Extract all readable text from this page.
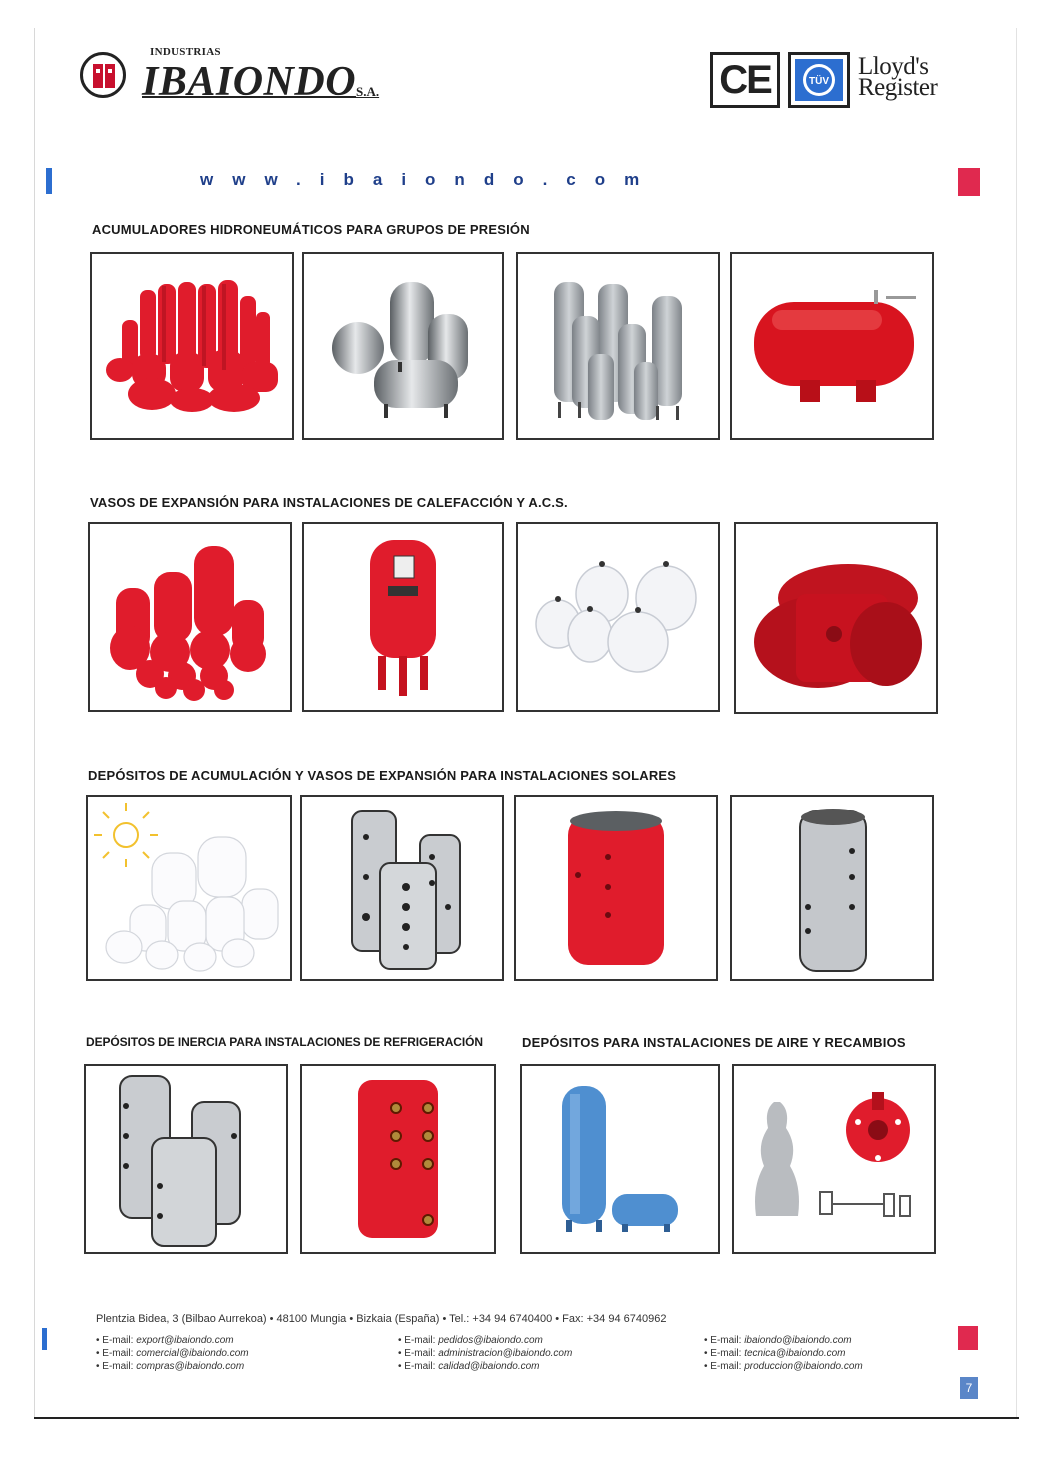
INDUSTRIAS
IBAIONDO S.A.	CE	TÜV
Lloyd's
Register
www.ibaiondo.com
ACUMULADORES HIDRONEUMÁTICOS PARA GRUPOS DE PRESIÓN
VASOS DE EXPANSIÓN PARA INSTALACIONES DE CALEFACCIÓN Y A.C.S.
DEPÓSITOS DE ACUMULACIÓN Y VASOS DE EXPANSIÓN PARA INSTALACIONES SOLARES
DEPÓSITOS DE INERCIA PARA INSTALACIONES DE REFRIGERACIÓN	DEPÓSITOS PARA INSTALACIONES DE AIRE Y RECAMBIOS
Plentzia Bidea, 3 (Bilbao Aurrekoa) • 48100 Mungia • Bizkaia (España) • Tel.: +34 94 6740400 • Fax: +34 94 6740962
• E-mail: export@ibaiondo.com
• E-mail: comercial@ibaiondo.com
• E-mail: compras@ibaiondo.com
• E-mail: pedidos@ibaiondo.com
• E-mail: administracion@ibaiondo.com
• E-mail: calidad@ibaiondo.com
• E-mail: ibaiondo@ibaiondo.com
• E-mail: tecnica@ibaiondo.com
• E-mail: produccion@ibaiondo.com
7
